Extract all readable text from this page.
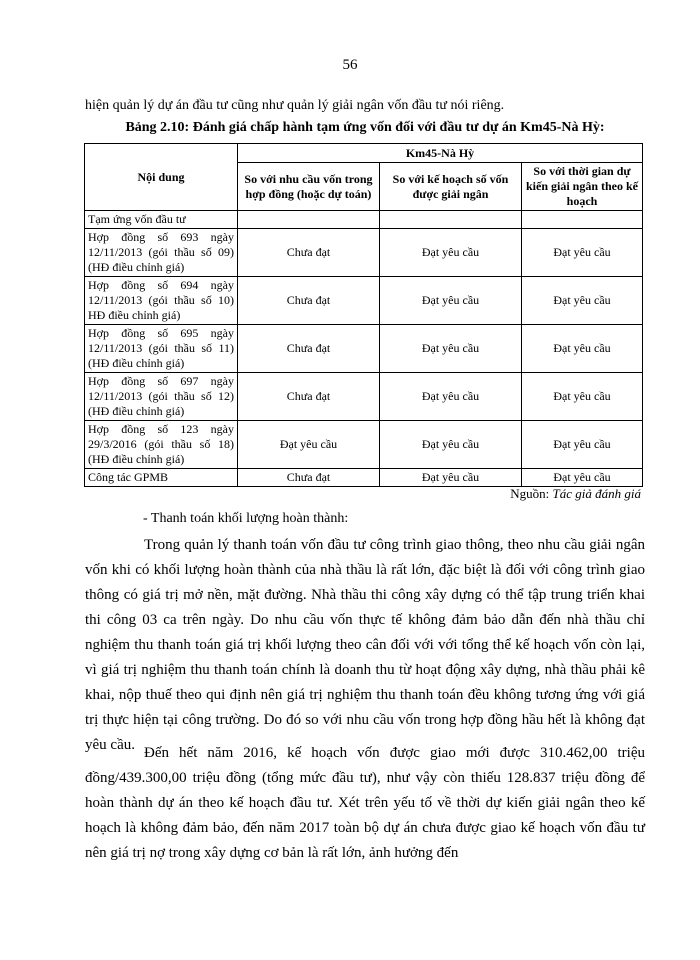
56
hiện quản lý dự án đầu tư cũng như quản lý giải ngân vốn đầu tư nói riêng.
Bảng 2.10: Đánh giá chấp hành tạm ứng vốn đối với đầu tư dự án Km45-Nà Hỳ:
Nội dung	Km45-Nà Hỳ		
	So với nhu cầu vốn trong hợp đồng (hoặc dự toán)	So với kế hoạch số vốn được giải ngân	So với thời gian dự kiến giải ngân theo kế hoạch
Tạm ứng vốn đầu tư			
Hợp đồng số 693 ngày 12/11/2013 (gói thầu số 09) (HĐ điều chỉnh giá)	Chưa đạt	Đạt yêu cầu	Đạt yêu cầu
Hợp đồng số 694 ngày 12/11/2013 (gói thầu số 10) HĐ điều chỉnh giá)	Chưa đạt	Đạt yêu cầu	Đạt yêu cầu
Hợp đồng số 695 ngày 12/11/2013 (gói thầu số 11) (HĐ điều chỉnh giá)	Chưa đạt	Đạt yêu cầu	Đạt yêu cầu
Hợp đồng số 697 ngày 12/11/2013 (gói thầu số 12) (HĐ điều chỉnh giá)	Chưa đạt	Đạt yêu cầu	Đạt yêu cầu
Hợp đồng số 123 ngày 29/3/2016 (gói thầu số 18) (HĐ điều chỉnh giá)	Đạt yêu cầu	Đạt yêu cầu	Đạt yêu cầu
Công tác GPMB	Chưa đạt	Đạt yêu cầu	Đạt yêu cầu
Nguồn: Tác giả đánh giá
- Thanh toán khối lượng hoàn thành:
Trong quản lý thanh toán vốn đầu tư công trình giao thông, theo nhu cầu giải ngân vốn khi có khối lượng hoàn thành của nhà thầu là rất lớn, đặc biệt là đối với công trình giao thông có giá trị mở nền, mặt đường. Nhà thầu thi công xây dựng có thể tập trung triển khai thi công 03 ca trên ngày. Do nhu cầu vốn thực tế không đảm bảo dẫn đến nhà thầu chỉ nghiệm thu thanh toán giá trị khối lượng theo cân đối với với tổng thể kế hoạch vốn còn lại, vì giá trị nghiệm thu thanh toán chính là doanh thu từ hoạt động xây dựng, nhà thầu phải kê khai, nộp thuế theo qui định nên giá trị nghiệm thu thanh toán đều không tương ứng với giá trị thực hiện tại công trường. Do đó so với nhu cầu vốn trong hợp đồng hầu hết là không đạt yêu cầu. Đến hết năm 2016, kế hoạch vốn được giao mới được 310.462,00 triệu đồng/439.300,00 triệu đồng (tổng mức đầu tư), như vậy còn thiếu 128.837 triệu đồng để hoàn thành dự án theo kế hoạch đầu tư. Xét trên yếu tố về thời dự kiến giải ngân theo kế hoạch là không đảm bảo, đến năm 2017 toàn bộ dự án chưa được giao kế hoạch vốn đầu tư nên giá trị nợ trong xây dựng cơ bản là rất lớn, ảnh hưởng đến
